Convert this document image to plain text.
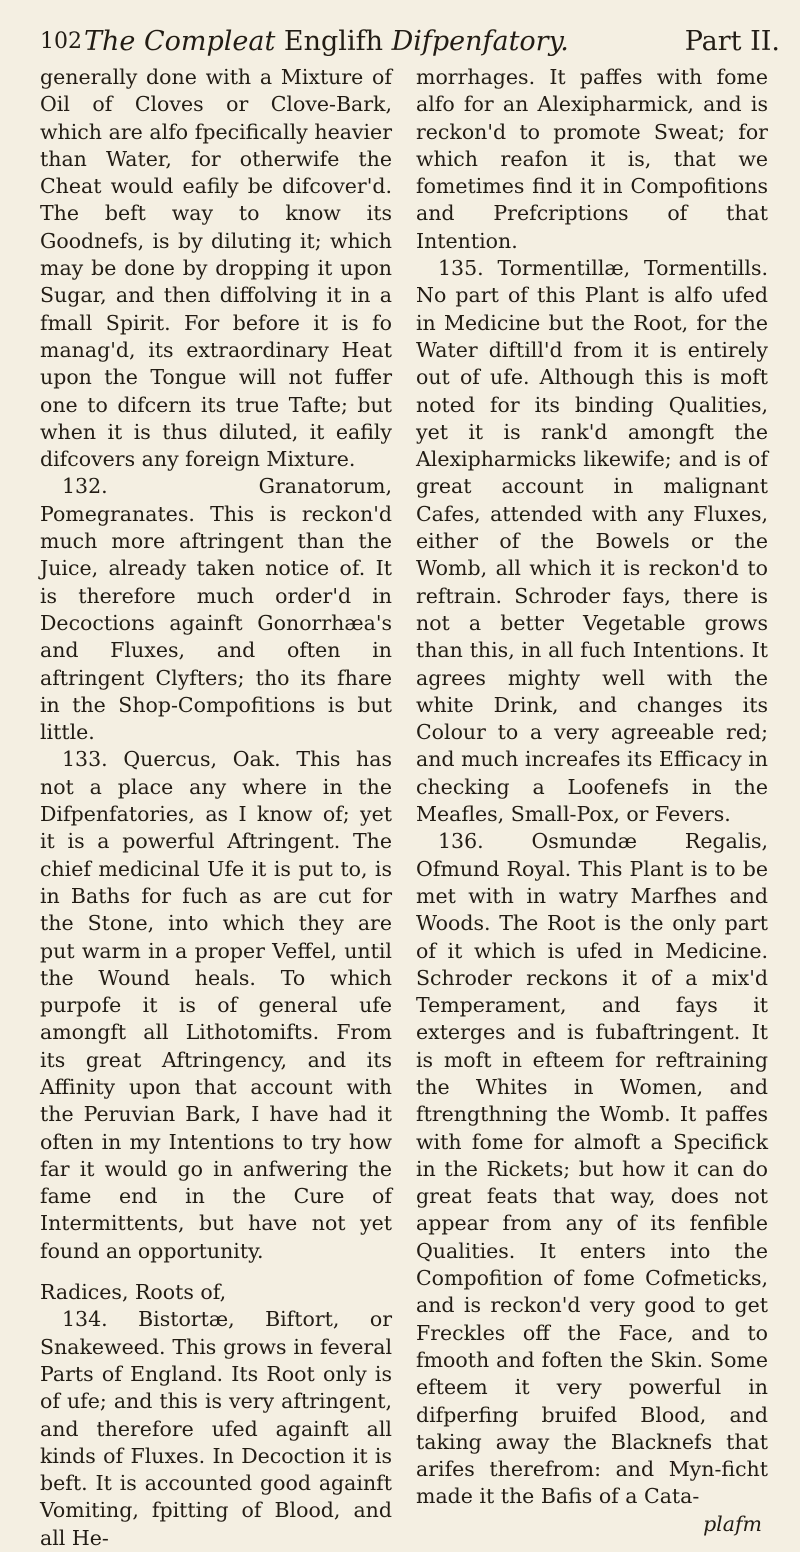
102 The Compleat Englifh Difpenfatory.	Part II.

generally done with a Mixture of Oil of Cloves or Clove-Bark, which are alfo fpecifically heavier than Water, for otherwife the Cheat would eafily be difcover'd. The beft way to know its Goodnefs, is by diluting it; which may be done by dropping it upon Sugar, and then diffolving it in a fmall Spirit. For before it is fo manag'd, its extraordinary Heat upon the Tongue will not fuffer one to difcern its true Tafte; but when it is thus diluted, it eafily difcovers any foreign Mixture.

132. Granatorum, Pomegranates. This is reckon'd much more aftringent than the Juice, already taken notice of. It is therefore much order'd in Decoctions againft Gonorrhæa's and Fluxes, and often in aftringent Clyfters; tho its fhare in the Shop-Compofitions is but little.

133. Quercus, Oak. This has not a place any where in the Difpenfatories, as I know of; yet it is a powerful Aftringent. The chief medicinal Ufe it is put to, is in Baths for fuch as are cut for the Stone, into which they are put warm in a proper Veffel, until the Wound heals. To which purpofe it is of general ufe amongft all Lithotomifts. From its great Aftringency, and its Affinity upon that account with the Peruvian Bark, I have had it often in my Intentions to try how far it would go in anfwering the fame end in the Cure of Intermittents, but have not yet found an opportunity.

Radices, Roots of,

134. Bistortæ, Biftort, or Snakeweed. This grows in feveral Parts of England. Its Root only is of ufe; and this is very aftringent, and therefore ufed againft all kinds of Fluxes. In Decoction it is beft. It is accounted good againft Vomiting, fpitting of Blood, and all He-

morrhages. It paffes with fome alfo for an Alexipharmick, and is reckon'd to promote Sweat; for which reafon it is, that we fometimes find it in Compofitions and Prefcriptions of that Intention.

135. Tormentillæ, Tormentills. No part of this Plant is alfo ufed in Medicine but the Root, for the Water diftill'd from it is entirely out of ufe. Although this is moft noted for its binding Qualities, yet it is rank'd amongft the Alexipharmicks likewife; and is of great account in malignant Cafes, attended with any Fluxes, either of the Bowels or the Womb, all which it is reckon'd to reftrain. Schroder fays, there is not a better Vegetable grows than this, in all fuch Intentions. It agrees mighty well with the white Drink, and changes its Colour to a very agreeable red; and much increafes its Efficacy in checking a Loofenefs in the Meafles, Small-Pox, or Fevers.

136. Osmundæ Regalis, Ofmund Royal. This Plant is to be met with in watry Marfhes and Woods. The Root is the only part of it which is ufed in Medicine. Schroder reckons it of a mix'd Temperament, and fays it exterges and is fubaftringent. It is moft in efteem for reftraining the Whites in Women, and ftrengthning the Womb. It paffes with fome for almoft a Specifick in the Rickets; but how it can do great feats that way, does not appear from any of its fenfible Qualities. It enters into the Compofition of fome Cofmeticks, and is reckon'd very good to get Freckles off the Face, and to fmooth and foften the Skin. Some efteem it very powerful in difperfing bruifed Blood, and taking away the Blacknefs that arifes therefrom: and Myn-ficht made it the Bafis of a Cata-

plafm
